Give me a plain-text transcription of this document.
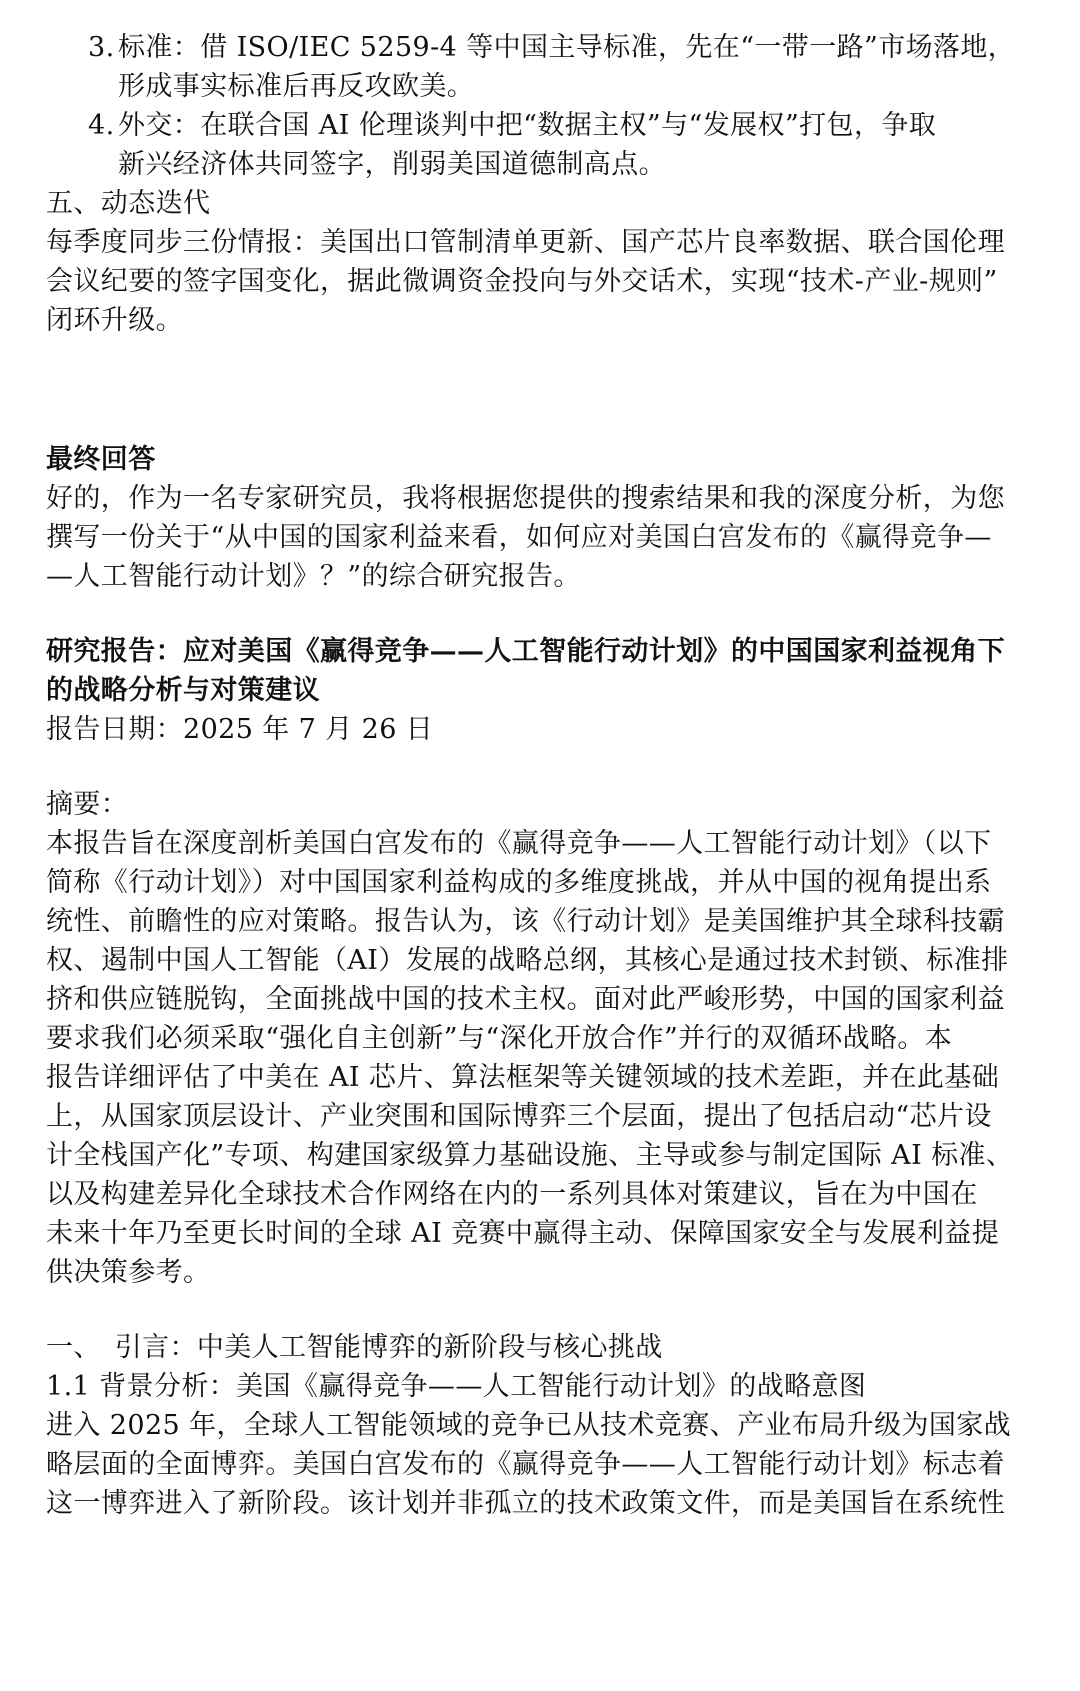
3. 标准：借 ISO/IEC 5259-4 等中国主导标准，先在“一带一路”市场落地，
形成事实标准后再反攻欧美。
4. 外交：在联合国 AI 伦理谈判中把“数据主权”与“发展权”打包，争取
新兴经济体共同签字，削弱美国道德制高点。
五、动态迭代
每季度同步三份情报：美国出口管制清单更新、国产芯片良率数据、联合国伦理
会议纪要的签字国变化，据此微调资金投向与外交话术，实现“技术-产业-规则”
闭环升级。
最终回答
好的，作为一名专家研究员，我将根据您提供的搜索结果和我的深度分析，为您
撰写一份关于“从中国的国家利益来看，如何应对美国白宫发布的《赢得竞争—
—人工智能行动计划》？”的综合研究报告。
研究报告：应对美国《赢得竞争——人工智能行动计划》的中国国家利益视角下
的战略分析与对策建议
报告日期：2025 年 7 月 26 日
摘要：
本报告旨在深度剖析美国白宫发布的《赢得竞争——人工智能行动计划》（以下
简称《行动计划》）对中国国家利益构成的多维度挑战，并从中国的视角提出系
统性、前瞻性的应对策略。报告认为，该《行动计划》是美国维护其全球科技霸
权、遏制中国人工智能（AI）发展的战略总纲，其核心是通过技术封锁、标准排
挤和供应链脱钩，全面挑战中国的技术主权。面对此严峻形势，中国的国家利益
要求我们必须采取“强化自主创新”与“深化开放合作”并行的双循环战略。本
报告详细评估了中美在 AI 芯片、算法框架等关键领域的技术差距，并在此基础
上，从国家顶层设计、产业突围和国际博弈三个层面，提出了包括启动“芯片设
计全栈国产化”专项、构建国家级算力基础设施、主导或参与制定国际 AI 标准、
以及构建差异化全球技术合作网络在内的一系列具体对策建议，旨在为中国在
未来十年乃至更长时间的全球 AI 竞赛中赢得主动、保障国家安全与发展利益提
供决策参考。
一、　引言：中美人工智能博弈的新阶段与核心挑战
1.1 背景分析：美国《赢得竞争——人工智能行动计划》的战略意图
进入 2025 年，全球人工智能领域的竞争已从技术竞赛、产业布局升级为国家战
略层面的全面博弈。美国白宫发布的《赢得竞争——人工智能行动计划》标志着
这一博弈进入了新阶段。该计划并非孤立的技术政策文件，而是美国旨在系统性
